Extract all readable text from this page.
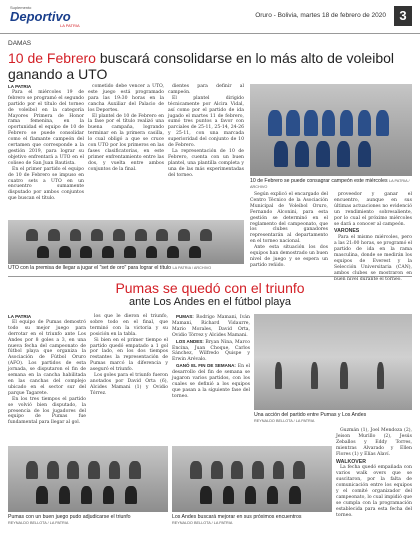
Suplemento
Deportivo
LA PATRIA
Oruro - Bolivia, martes 18 de febrero de 2020	3
DAMAS
10 de Febrero buscará consolidarse en lo más alto de voleibol ganando a UTO
LA PATRIA

Para el miércoles 19 de febrero se programó el segundo partido por el título del torneo de voleibol en la categoría Mayores Primera de Honor rama femenina, en la oportunidad el equipo de 10 de Febrero se puede consolidar como el flamante campeón del certamen que corresponde a la gestión 2019, para lograr su objetivo enfrentará a UTO en el coliseo de San Juan Bautista.

En el primer partido el equipo de 10 de Febrero se impuso en cuatro sets a UTO en un encuentro sumamente disputado por ambos conjuntos que buscan el título.

cometido debe vencer a UTO, este juego está programado para las 19:30 horas en la cancha Auxiliar del Palacio de los Deportes.

El plantel de 10 de Febrero en la fase por el título realizó una buena campaña, logrando terminar en la primera casilla, lo cual obligó a que se cruce con UTO por los primeros en las fases clasificatorias, en este primer enfrentamiento entre las dos, y vuelta entre ambos conjuntos de la final.

dientes para definir al campeón.

El plantel dirigido técnicamente por Alcira Vidal, así como por el partido de ida jugado el martes 11 de febrero, sumó tres puntos a favor con parciales de 25-11, 25-14, 24-26 y 25-11, con una marcada superioridad del conjunto de 10 de Febrero.

La representación de 10 de Febrero, cuenta con un buen plantel, una plantilla completa y una de las más experimentadas del torneo.

UTO con la premisa de llegar a jugar el "set de oro" para lograr el título LA PATRIA / ARCHIVO
10 de Febrero se puede consagrar campeón este miércoles LA PATRIA / ARCHIVO

Según explicó el encargado del Centro Técnico de la Asociación Municipal de Voleibol Oruro, Fernando Alconini, para esta gestión se determinó en el reglamento del campeonato, que los clubes ganadores representarán al departamento en el torneo nacional.

Ante esta situación los dos equipos han demostrado un buen nivel de juego y se espera un partido reñido.

proveedor y ganar el encuentro, aunque en sus últimas actuaciones no evidenció un rendimiento sobresaliente, por lo cual el próximo miércoles se dará a conocer al campeón.

VARONES

Para el mismo miércoles, pero a las 21:00 horas, se programó el partido de ida en la rama masculina, donde se medirán los equipos de Everest y la Selección Universitaria (CAN), ambos clubes se mostraron en buen nivel durante el torneo.

Pumas se quedó con el triunfo
ante Los Andes en el fútbol playa
LA PATRIA

El equipo de Pumas demostró todo su mejor juego para derrotar en el triunfo ante Los Andes por 8 goles a 3, en una nueva fecha del campeonato de fútbol playa que organiza la Asociación de Fútbol Oruro (AFO). Los partidos de esta jornada, se disputaron el fin de semana en la cancha habilitada en las canchas del complejo ubicado en el sector sur del parque Tagarete.

En los tres tiempos el partido se volvió bien disputado, la presencia de los jugadores del equipo de Pumas fue fundamental para llegar al gol.

los que le dieron el triunfo, sobre todo en el final, que terminó con la victoria y su posición en la tabla.

Si bien en el primer tiempo el partido quedó empatado a 1 gol por lado, en los dos tiempos restantes la representación de Pumas marcó la diferencia y aseguró el triunfo.

Los goles para el triunfo fueron anotados por David Orta (6), Alcides Mamani (1) y Ovidio Tórrez.

PUMAS: Rodrigo Mamani, Iván Mamani, Richard Vidaurre, Mario Morales, David Orta, Ovidio Tórrez y Alcides Mamani.

LOS ANDES: Bryan Nina, Marco Encina, Juan Choque, Carlos Sánchez, Wilfredo Quispe y Erwin Arévalo.

GANÓ EL FIN DE SEMANA: En el desarrollo del fin de semana se jugaron varios partidos, con los cuales se definió a los equipos que pasan a la siguiente fase del torneo.

Una acción del partido entre Pumas y Los Andes
REYNALDO BELLOTA / LA PATRIA
Pumas con un buen juego pudo adjudicarse el triunfo
REYNALDO BELLOTA / LA PATRIA
Los Andes buscará mejorar en sus próximos encuentros
REYNALDO BELLOTA / LA PATRIA

Guzmán (1), Joel Mendoza (2), Jeison Murillo (2), Jesús Zeballos y Eddy Torres, mientras Alvarado y Ellen Flores (1) y Elías Alaví.

WALKOVER

La fecha quedó empañada con varios walk overs que se suscitaron, por la falta de comunicación entre los equipos y el comité organizador del campeonato, lo cual impidió que se cumpla con la programación establecida para esta fecha del torneo.
